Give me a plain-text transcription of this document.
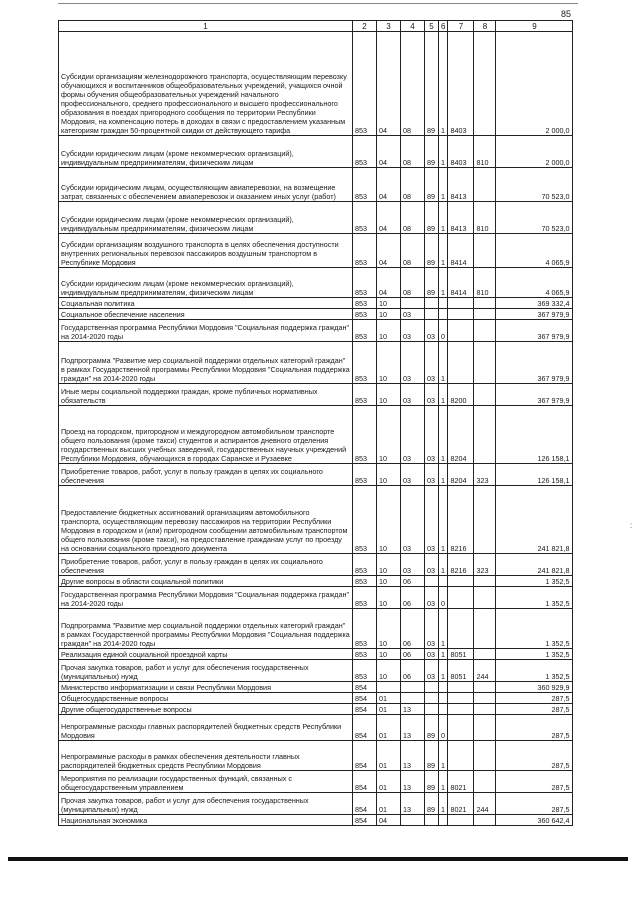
85
1	2	3	4	5	6	7	8	9
Субсидии организациям железнодорожного транспорта, осуществляющим перевозку обучающихся и воспитанников общеобразовательных учреждений, учащихся очной формы обучения общеобразовательных учреждений начального профессионального, среднего профессионального и высшего профессионального образования в поездах пригородного сообщения по территории Республики Мордовия, на компенсацию потерь в доходах в связи с предоставлением указанным категориям граждан 50-процентной скидки от действующего тарифа	853	04	08	89	1	8403		2 000,0
Субсидии юридическим лицам (кроме некоммерческих организаций), индивидуальным предпринимателям, физическим лицам	853	04	08	89	1	8403	810	2 000,0
Субсидии юридическим лицам, осуществляющим авиаперевозки, на возмещение затрат, связанных с обеспечением авиаперевозок и оказанием иных услуг (работ)	853	04	08	89	1	8413		70 523,0
Субсидии юридическим лицам (кроме некоммерческих организаций), индивидуальным предпринимателям, физическим лицам	853	04	08	89	1	8413	810	70 523,0
Субсидии организациям воздушного транспорта в целях обеспечения доступности внутренних региональных перевозок пассажиров воздушным транспортом в Республике Мордовия	853	04	08	89	1	8414		4 065,9
Субсидии юридическим лицам (кроме некоммерческих организаций), индивидуальным предпринимателям, физическим лицам	853	04	08	89	1	8414	810	4 065,9
Социальная политика	853	10						369 332,4
Социальное обеспечение населения	853	10	03					367 979,9
Государственная программа Республики Мордовия "Социальная поддержка граждан" на 2014-2020 годы	853	10	03	03	0			367 979,9
Подпрограмма "Развитие мер социальной поддержки отдельных категорий граждан" в рамках Государственной программы Республики Мордовия "Социальная поддержка граждан" на 2014-2020 годы	853	10	03	03	1			367 979,9
Иные меры социальной поддержки граждан, кроме публичных нормативных обязательств	853	10	03	03	1	8200		367 979,9
Проезд на городском, пригородном и междугородном автомобильном транспорте общего пользования (кроме такси) студентов и аспирантов дневного отделения государственных высших учебных заведений, государственных научных учреждений Республики Мордовия, обучающихся в городах Саранске и Рузаевке	853	10	03	03	1	8204		126 158,1
Приобретение товаров, работ, услуг в пользу граждан в целях их социального обеспечения	853	10	03	03	1	8204	323	126 158,1
Предоставление бюджетных ассигнований организациям автомобильного транспорта, осуществляющим перевозку пассажиров на территории Республики Мордовия в городском и (или) пригородном сообщении автомобильным транспортом общего пользования (кроме такси), на предоставление гражданам услуг по проезду на основании социального проездного документа	853	10	03	03	1	8216		241 821,8
Приобретение товаров, работ, услуг в пользу граждан в целях их социального обеспечения	853	10	03	03	1	8216	323	241 821,8
Другие вопросы в области социальной политики	853	10	06					1 352,5
Государственная программа Республики Мордовия "Социальная поддержка граждан" на 2014-2020 годы	853	10	06	03	0			1 352,5
Подпрограмма "Развитие мер социальной поддержки отдельных категорий граждан" в рамках Государственной программы Республики Мордовия "Социальная поддержка граждан" на 2014-2020 годы	853	10	06	03	1			1 352,5
Реализация единой социальной проездной карты	853	10	06	03	1	8051		1 352,5
Прочая закупка товаров, работ и услуг для обеспечения государственных (муниципальных) нужд	853	10	06	03	1	8051	244	1 352,5
Министерство информатизации и связи Республики Мордовия	854							360 929,9
Общегосударственные вопросы	854	01						287,5
Другие общегосударственные вопросы	854	01	13					287,5
Непрограммные расходы главных распорядителей бюджетных средств Республики Мордовия	854	01	13	89	0			287,5
Непрограммные расходы в рамках обеспечения деятельности главных распорядителей бюджетных средств Республики Мордовия	854	01	13	89	1			287,5
Мероприятия по реализации государственных функций, связанных с общегосударственным управлением	854	01	13	89	1	8021		287,5
Прочая закупка товаров, работ и услуг для обеспечения государственных (муниципальных) нужд	854	01	13	89	1	8021	244	287,5
Национальная экономика	854	04						360 642,4
:
